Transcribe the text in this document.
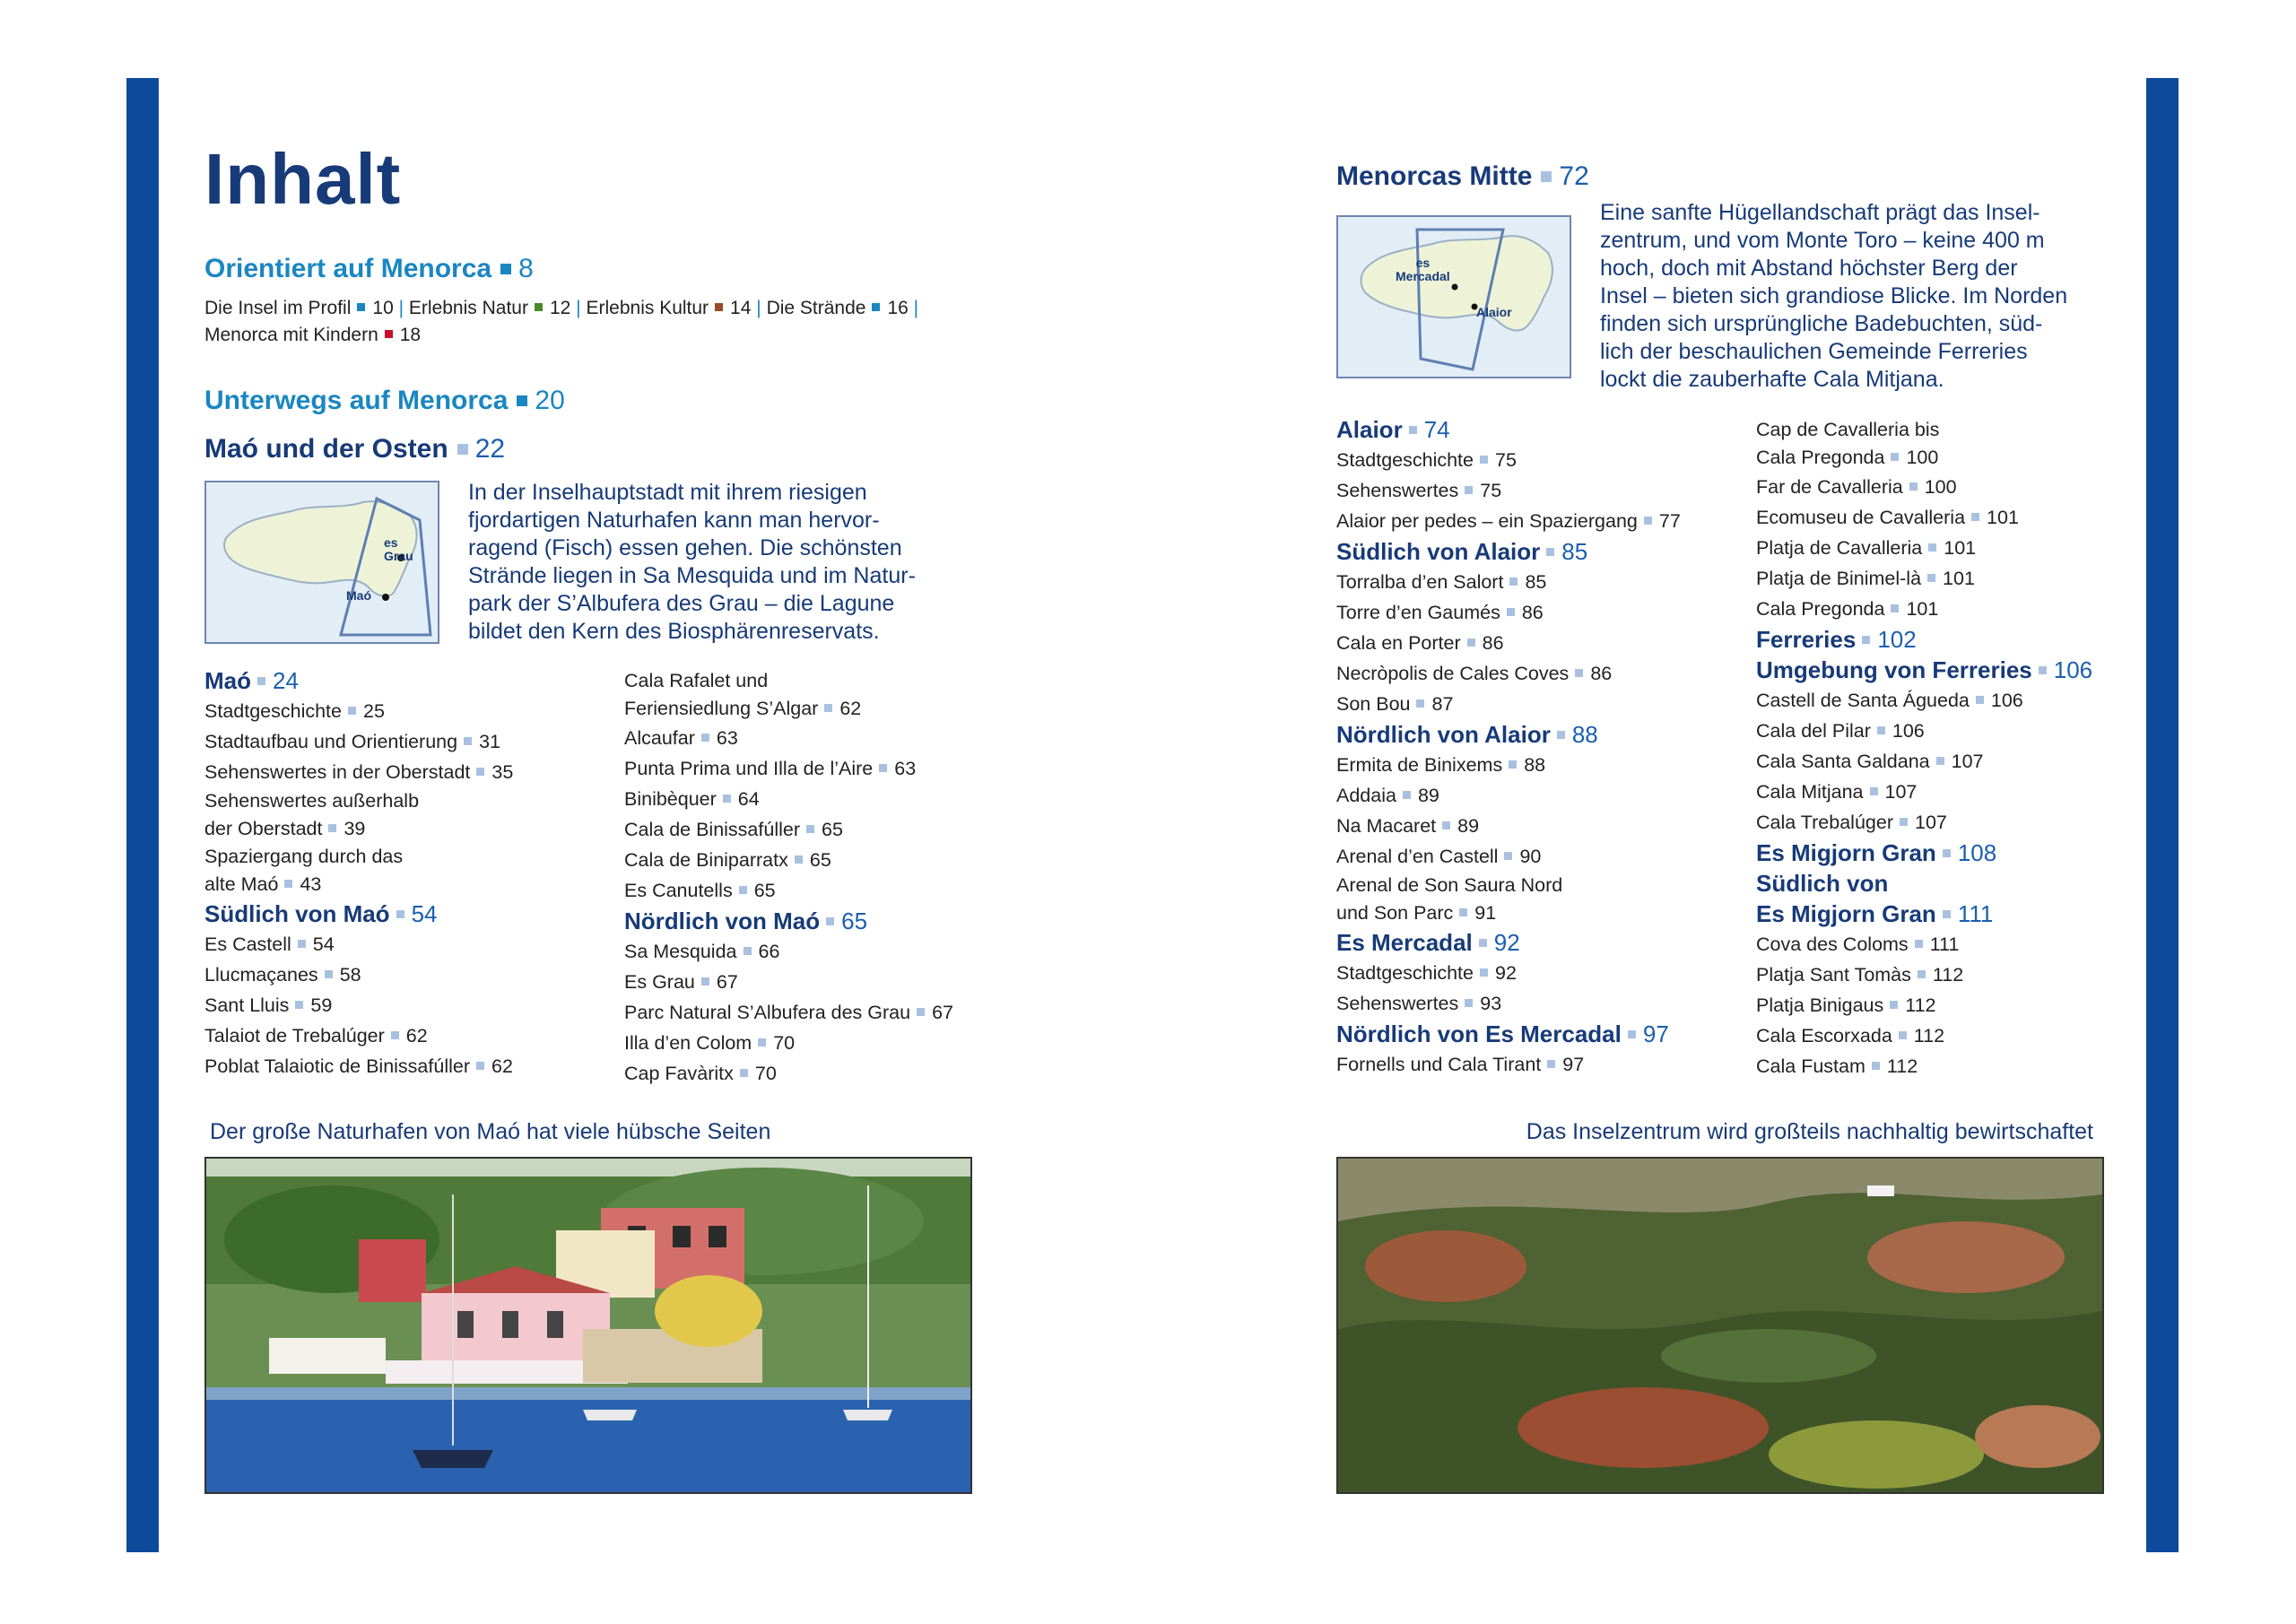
Inhalt
Orientiert auf Menorca 8
Die Insel im Profil 10 | Erlebnis Natur 12 | Erlebnis Kultur 14 | Die Strände 16 |
Menorca mit Kindern 18
Unterwegs auf Menorca 20
Maó und der Osten 22
es
Grau
Maó
In der Inselhauptstadt mit ihrem riesigen
fjordartigen Naturhafen kann man hervor-
ragend (Fisch) essen gehen. Die schönsten
Strände liegen in Sa Mesquida und im Natur-
park der S’Albufera des Grau – die Lagune
bildet den Kern des Biosphärenreservats.
Maó 24
Stadtgeschichte 25
Stadtaufbau und Orientierung 31
Sehenswertes in der Oberstadt 35
Sehenswertes außerhalb
der Oberstadt 39
Spaziergang durch das
alte Maó 43
Südlich von Maó 54
Es Castell 54
Llucmaçanes 58
Sant Lluis 59
Talaiot de Trebalúger 62
Poblat Talaiotic de Binissafúller 62
Cala Rafalet und
Feriensiedlung S’Algar 62
Alcaufar 63
Punta Prima und Illa de l’Aire 63
Binibèquer 64
Cala de Binissafúller 65
Cala de Biniparratx 65
Es Canutells 65
Nördlich von Maó 65
Sa Mesquida 66
Es Grau 67
Parc Natural S’Albufera des Grau 67
Illa d’en Colom 70
Cap Favàritx 70
Der große Naturhafen von Maó hat viele hübsche Seiten
Menorcas Mitte 72
es
Mercadal
Alaior
Eine sanfte Hügellandschaft prägt das Insel-
zentrum, und vom Monte Toro – keine 400 m
hoch, doch mit Abstand höchster Berg der
Insel – bieten sich grandiose Blicke. Im Norden
finden sich ursprüngliche Badebuchten, süd-
lich der beschaulichen Gemeinde Ferreries
lockt die zauberhafte Cala Mitjana.
Alaior 74
Stadtgeschichte 75
Sehenswertes 75
Alaior per pedes – ein Spaziergang 77
Südlich von Alaior 85
Torralba d’en Salort 85
Torre d’en Gaumés 86
Cala en Porter 86
Necròpolis de Cales Coves 86
Son Bou 87
Nördlich von Alaior 88
Ermita de Binixems 88
Addaia 89
Na Macaret 89
Arenal d’en Castell 90
Arenal de Son Saura Nord
und Son Parc 91
Es Mercadal 92
Stadtgeschichte 92
Sehenswertes 93
Nördlich von Es Mercadal 97
Fornells und Cala Tirant 97
Cap de Cavalleria bis
Cala Pregonda 100
Far de Cavalleria 100
Ecomuseu de Cavalleria 101
Platja de Cavalleria 101
Platja de Binimel-là 101
Cala Pregonda 101
Ferreries 102
Umgebung von Ferreries 106
Castell de Santa Águeda 106
Cala del Pilar 106
Cala Santa Galdana 107
Cala Mitjana 107
Cala Trebalúger 107
Es Migjorn Gran 108
Südlich von
Es Migjorn Gran 111
Cova des Coloms 111
Platja Sant Tomàs 112
Platja Binigaus 112
Cala Escorxada 112
Cala Fustam 112
Das Inselzentrum wird großteils nachhaltig bewirtschaftet
